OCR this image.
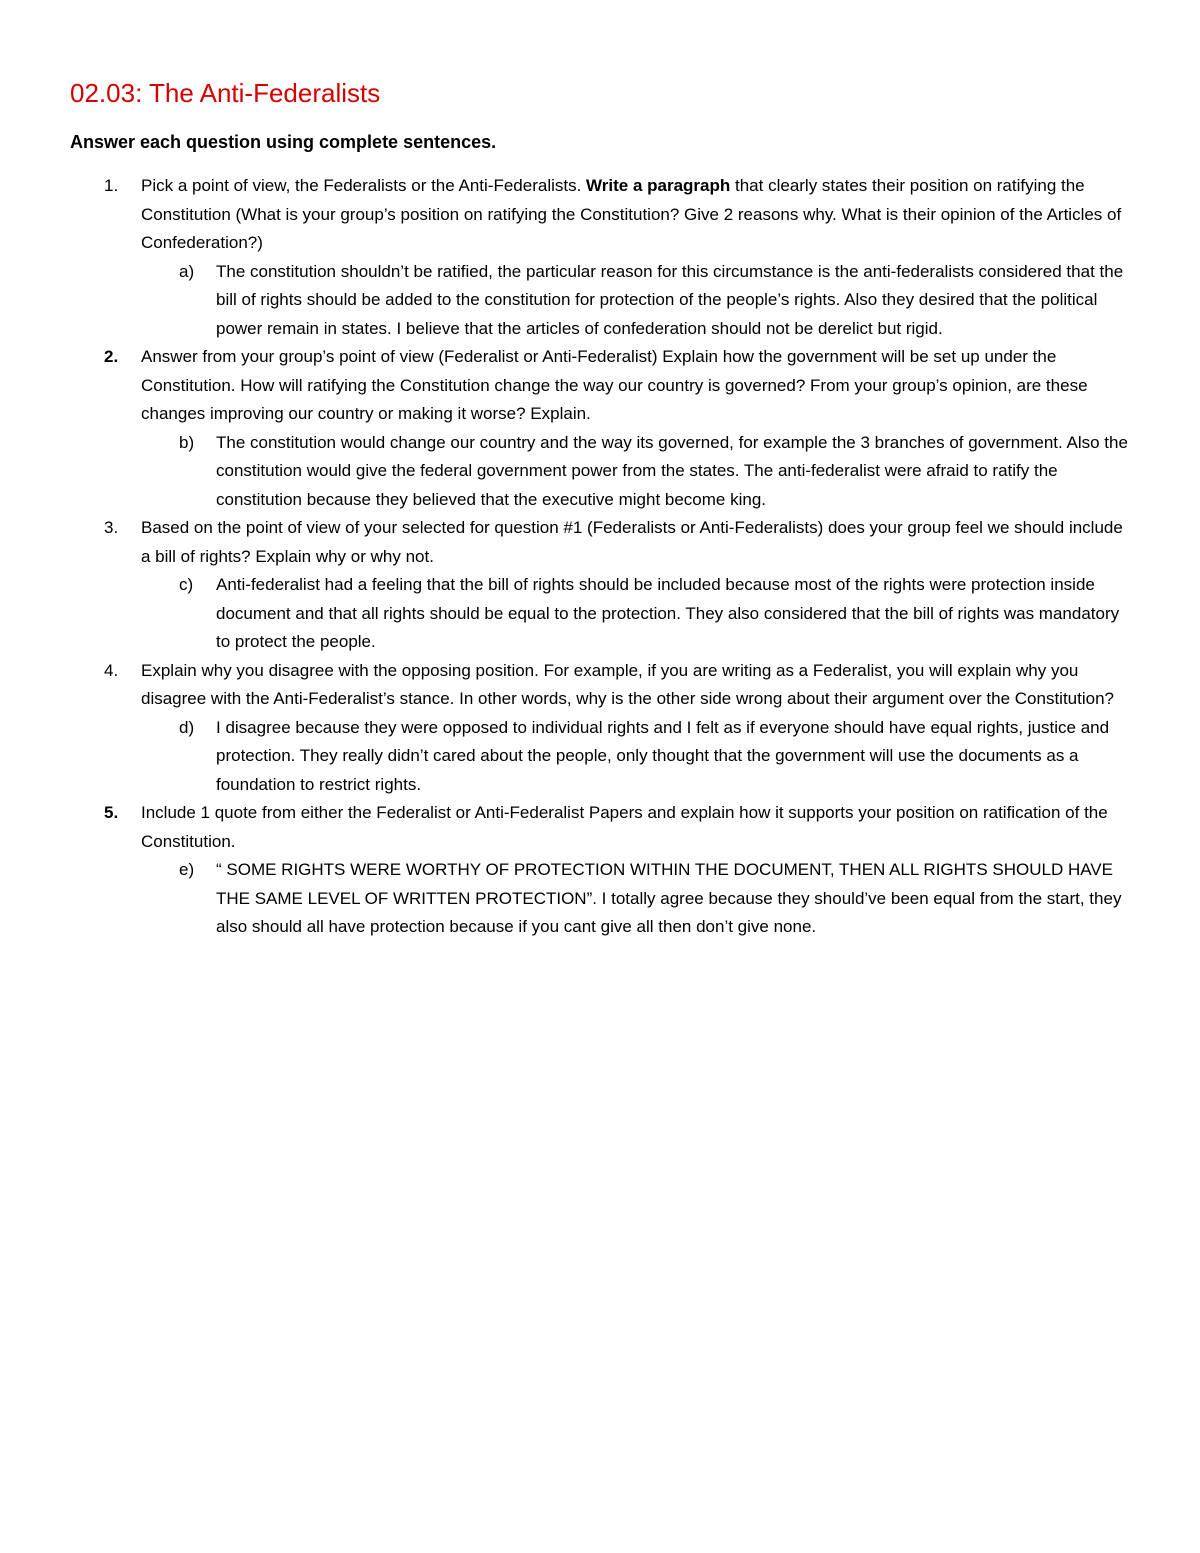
02.03: The Anti-Federalists

Answer each question using complete sentences.

1. Pick a point of view, the Federalists or the Anti-Federalists. Write a paragraph that clearly states their position on ratifying the Constitution (What is your group’s position on ratifying the Constitution? Give 2 reasons why. What is their opinion of the Articles of Confederation?)
a) The constitution shouldn’t be ratified, the particular reason for this circumstance is the anti-federalists considered that the bill of rights should be added to the constitution for protection of the people’s rights. Also they desired that the political power remain in states. I believe that the articles of confederation should not be derelict but rigid.
2. Answer from your group’s point of view (Federalist or Anti-Federalist) Explain how the government will be set up under the Constitution. How will ratifying the Constitution change the way our country is governed? From your group’s opinion, are these changes improving our country or making it worse? Explain.
b) The constitution would change our country and the way its governed, for example the 3 branches of government. Also the constitution would give the federal government power from the states. The anti-federalist were afraid to ratify the constitution because they believed that the executive might become king.
3. Based on the point of view of your selected for question #1 (Federalists or Anti-Federalists) does your group feel we should include a bill of rights? Explain why or why not.
c) Anti-federalist had a feeling that the bill of rights should be included because most of the rights were protection inside document and that all rights should be equal to the protection. They also considered that the bill of rights was mandatory to protect the people.
4. Explain why you disagree with the opposing position. For example, if you are writing as a Federalist, you will explain why you disagree with the Anti-Federalist’s stance. In other words, why is the other side wrong about their argument over the Constitution?
d) I disagree because they were opposed to individual rights and I felt as if everyone should have equal rights, justice and protection. They really didn’t cared about the people, only thought that the government will use the documents as a foundation to restrict rights.
5. Include 1 quote from either the Federalist or Anti-Federalist Papers and explain how it supports your position on ratification of the Constitution.
e) “ SOME RIGHTS WERE WORTHY OF PROTECTION WITHIN THE DOCUMENT, THEN ALL RIGHTS SHOULD HAVE THE SAME LEVEL OF WRITTEN PROTECTION”. I totally agree because they should’ve been equal from the start, they also should all have protection because if you cant give all then don’t give none.
